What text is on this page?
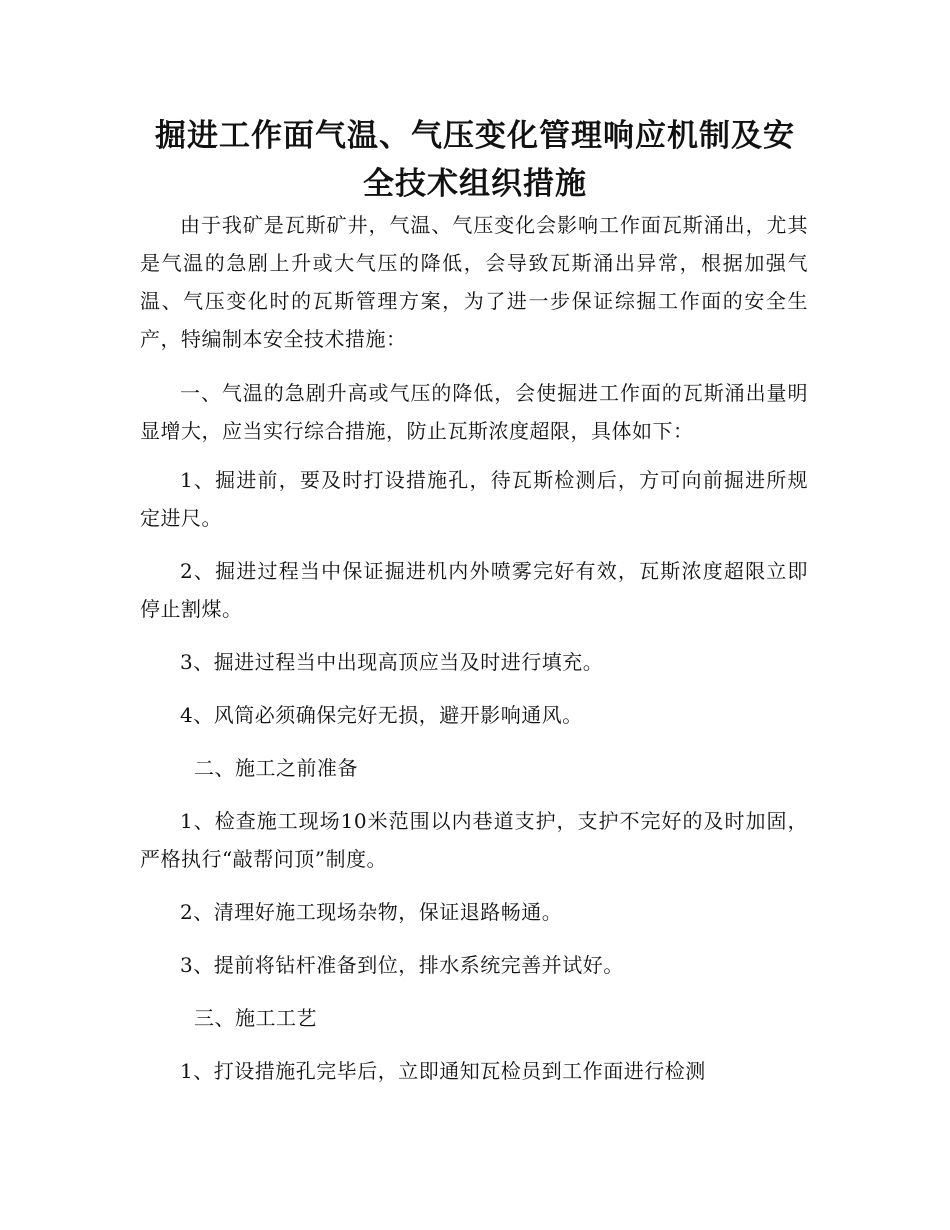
掘进工作面气温、气压变化管理响应机制及安全技术组织措施

由于我矿是瓦斯矿井，气温、气压变化会影响工作面瓦斯涌出，尤其是气温的急剧上升或大气压的降低，会导致瓦斯涌出异常，根据加强气温、气压变化时的瓦斯管理方案，为了进一步保证综掘工作面的安全生产，特编制本安全技术措施：

一、气温的急剧升高或气压的降低，会使掘进工作面的瓦斯涌出量明显增大，应当实行综合措施，防止瓦斯浓度超限，具体如下：

1、掘进前，要及时打设措施孔，待瓦斯检测后，方可向前掘进所规定进尺。

2、掘进过程当中保证掘进机内外喷雾完好有效，瓦斯浓度超限立即停止割煤。

3、掘进过程当中出现高顶应当及时进行填充。

4、风筒必须确保完好无损，避开影响通风。

二、施工之前准备

1、检查施工现场10米范围以内巷道支护，支护不完好的及时加固，严格执行“敲帮问顶”制度。

2、清理好施工现场杂物，保证退路畅通。

3、提前将钻杆准备到位，排水系统完善并试好。

三、施工工艺

1、打设措施孔完毕后，立即通知瓦检员到工作面进行检测
